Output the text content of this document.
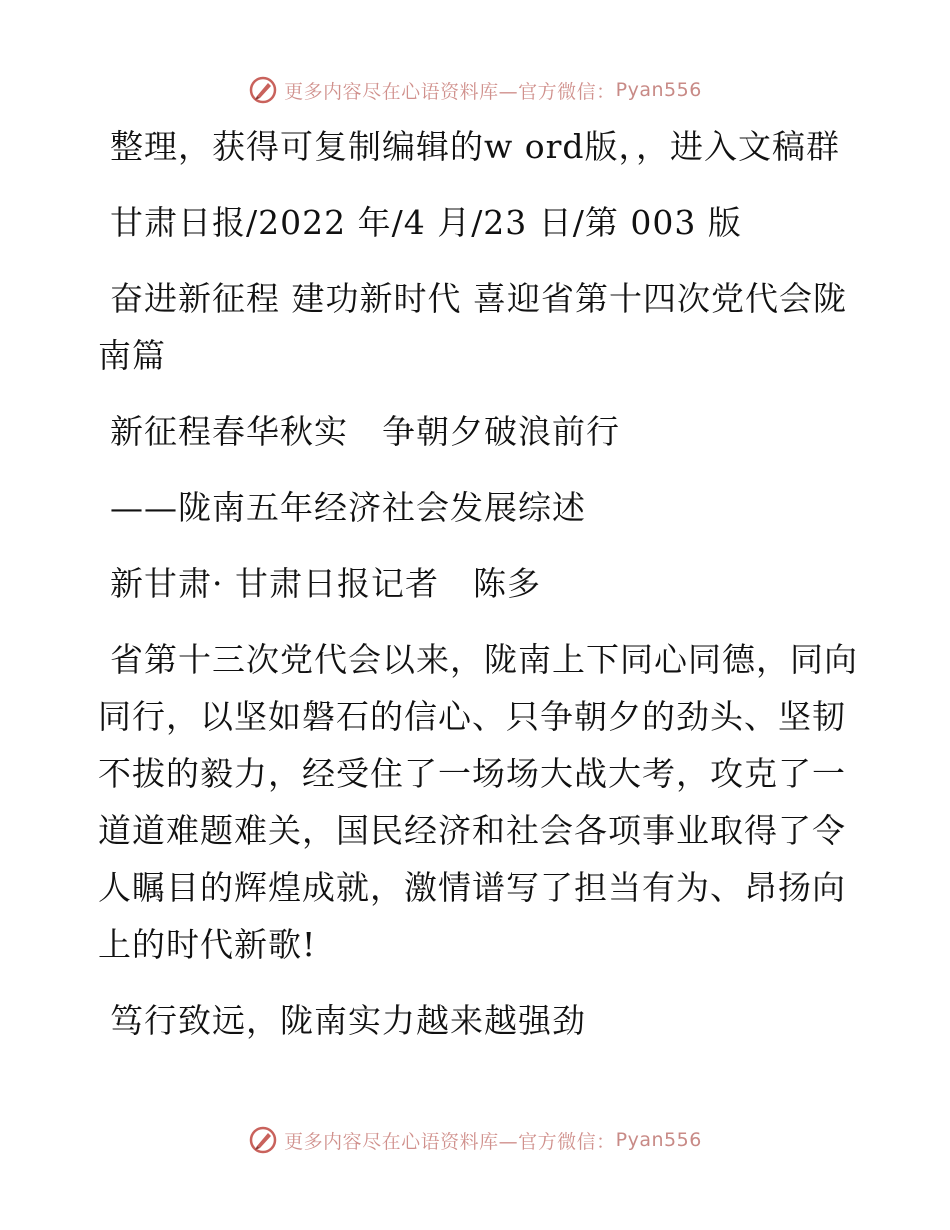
更多内容尽在心语资料库—官方微信： Pyan556

整理，获得可复制编辑的w ord版，，进入文稿群

甘肃日报/2022 年/4 月/23 日/第 003 版

奋进新征程 建功新时代 喜迎省第十四次党代会陇南篇

新征程春华秋实　争朝夕破浪前行

——陇南五年经济社会发展综述

新甘肃· 甘肃日报记者　陈多

省第十三次党代会以来，陇南上下同心同德，同向同行，以坚如磐石的信心、只争朝夕的劲头、坚韧不拔的毅力，经受住了一场场大战大考，攻克了一道道难题难关，国民经济和社会各项事业取得了令人瞩目的辉煌成就，激情谱写了担当有为、昂扬向上的时代新歌!

笃行致远，陇南实力越来越强劲

更多内容尽在心语资料库—官方微信： Pyan556
